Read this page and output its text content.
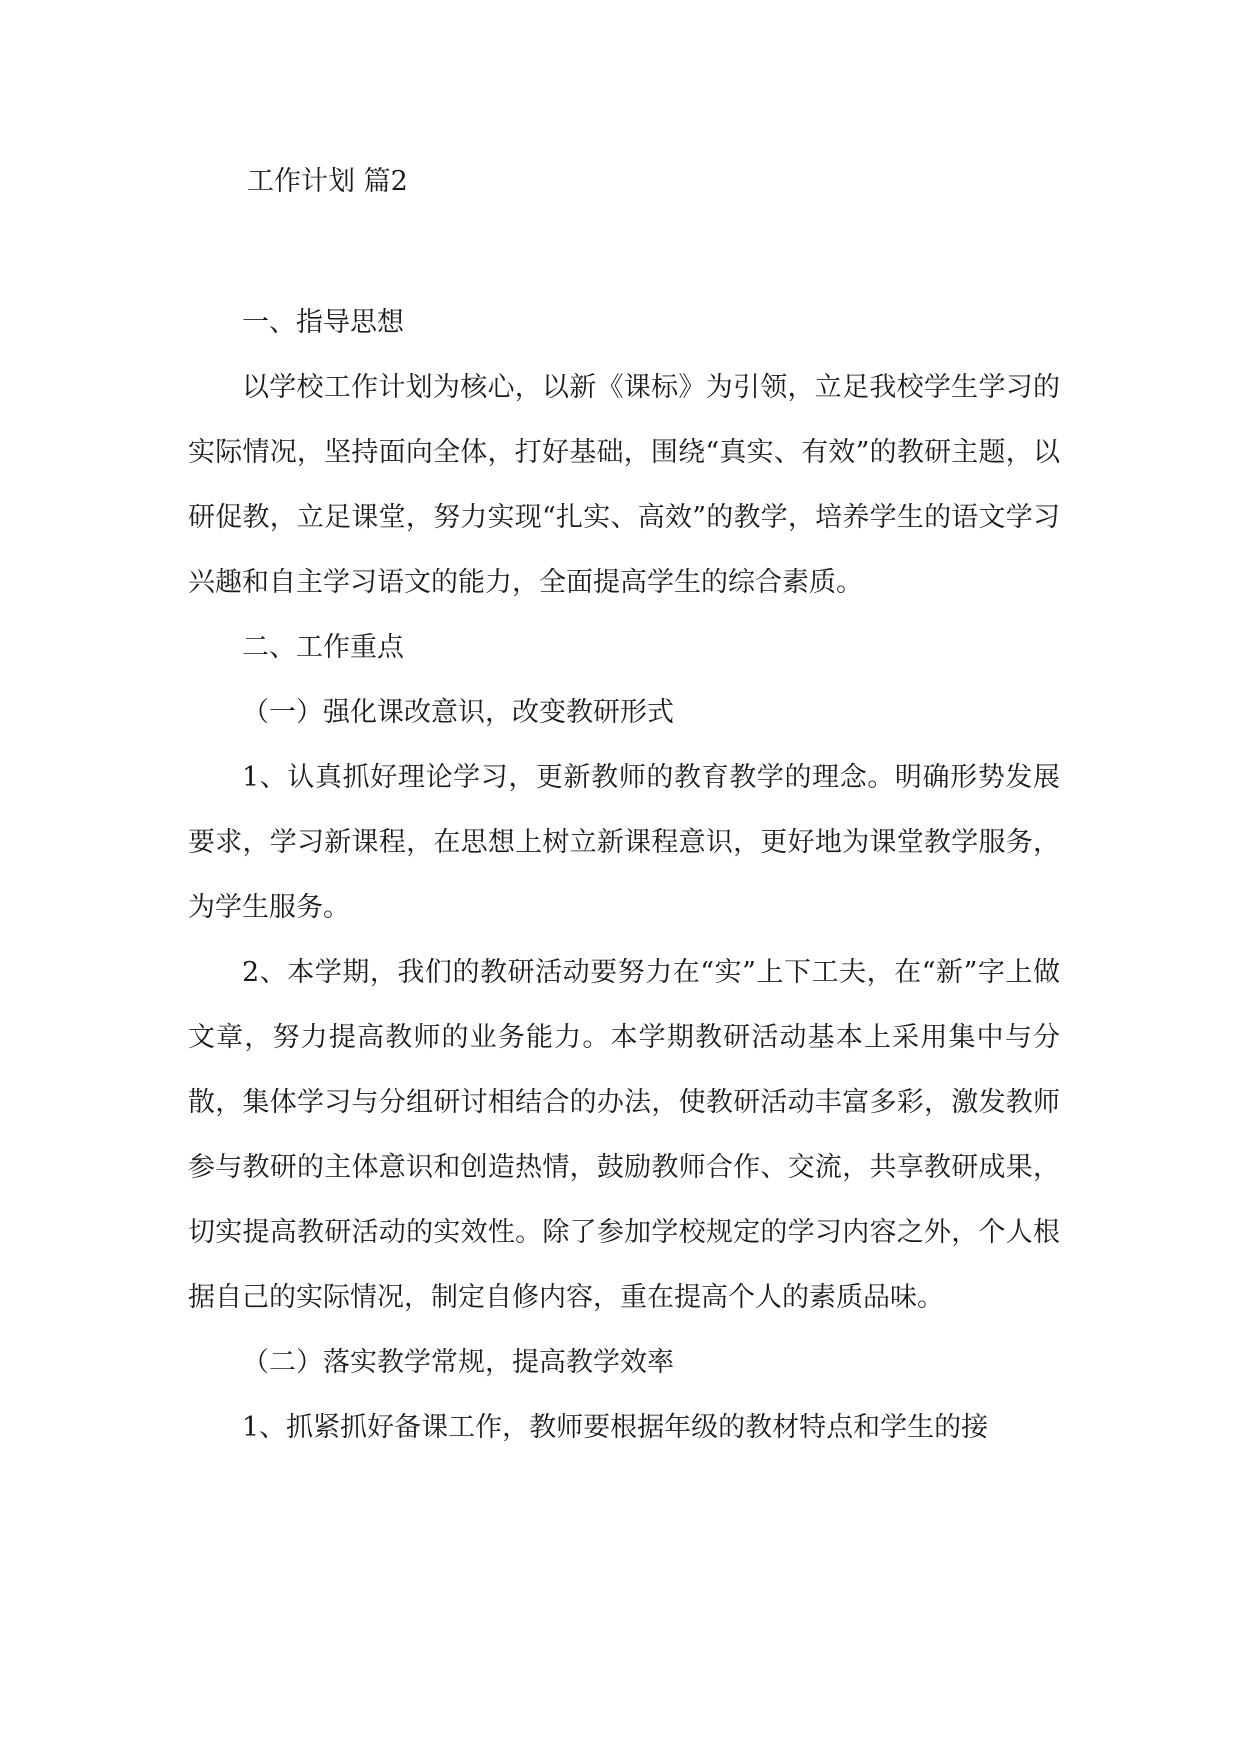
工作计划 篇2

一、指导思想

以学校工作计划为核心，以新《课标》为引领，立足我校学生学习的实际情况，坚持面向全体，打好基础，围绕“真实、有效”的教研主题，以研促教，立足课堂，努力实现“扎实、高效”的教学，培养学生的语文学习兴趣和自主学习语文的能力，全面提高学生的综合素质。

二、工作重点

（一）强化课改意识，改变教研形式

1、认真抓好理论学习，更新教师的教育教学的理念。明确形势发展要求，学习新课程，在思想上树立新课程意识，更好地为课堂教学服务，为学生服务。

2、本学期，我们的教研活动要努力在“实”上下工夫，在“新”字上做文章，努力提高教师的业务能力。本学期教研活动基本上采用集中与分散，集体学习与分组研讨相结合的办法，使教研活动丰富多彩，激发教师参与教研的主体意识和创造热情，鼓励教师合作、交流，共享教研成果，切实提高教研活动的实效性。除了参加学校规定的学习内容之外，个人根据自己的实际情况，制定自修内容，重在提高个人的素质品味。

（二）落实教学常规，提高教学效率

1、抓紧抓好备课工作，教师要根据年级的教材特点和学生的接
